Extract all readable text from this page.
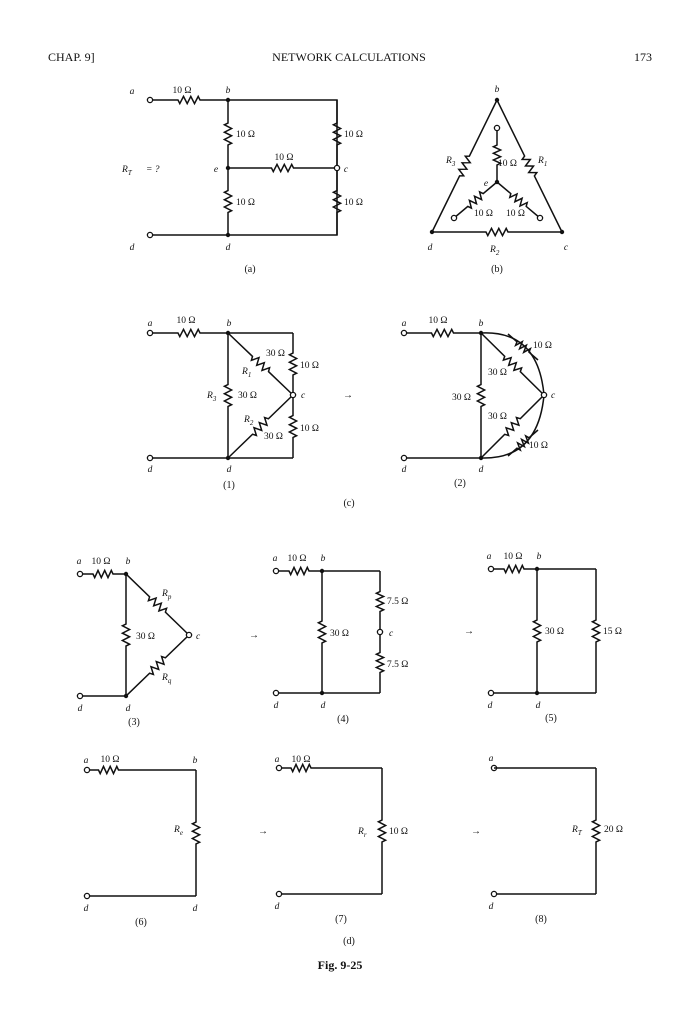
CHAP. 9]	NETWORK CALCULATIONS	173
a	10 Ω	b
10 Ω	10 Ω
10 Ω
e	c
10 Ω	10 Ω
d	d
$R_T$ = ?
(a)
b
e
10 Ω
10 Ω 10 Ω
$R_3$	$R_1$
$R_2$
d	c
(b)
a	10 Ω	b
30 Ω
$R_1$
10 Ω
$R_3$ 30 Ω	c
$R_2$
10 Ω
30 Ω
d	d
(1)
→
a 10 Ω	b
10 Ω
30 Ω
30 Ω	c
30 Ω
10 Ω
d	d
(2)
(c)
a 10 Ω b
$R_p$
30 Ω	c
$R_q$
d	d
(3)
→
a 10 Ω b
7.5 Ω
30 Ω	c
7.5 Ω
d	d
(4)
→
a 10 Ω b
30 Ω	15 Ω
d	d
(5)
a 10 Ω	b
$R_e$
d	d
(6)
→
a 10 Ω
$R_r$ 10 Ω
d
(7)
→
a
$R_T$ 20 Ω
d
(8)
(d)
Fig. 9-25
